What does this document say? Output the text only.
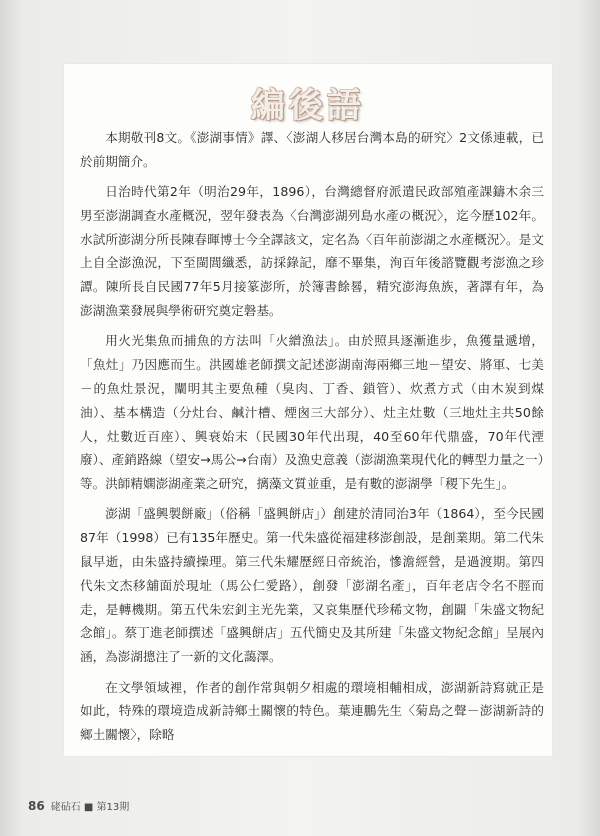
編後語

本期敬刊8文。《澎湖事情》譯、〈澎湖人移居台灣本島的研究〉2文係連載，已於前期簡介。

日治時代第2年（明治29年，1896），台灣總督府派遣民政部殖產課鑄木余三男至澎湖調查水產概況，翌年發表為〈台灣澎湖列島水產の概況〉，迄今歷102年。水試所澎湖分所長陳春暉博士今全譯該文，定名為〈百年前澎湖之水產概況〉。是文上自全澎漁況，下至閩閭纖悉，訪採錄記，靡不畢集，洵百年後諮覽觀考澎漁之珍譚。陳所長自民國77年5月接篆澎所，於簿書餘晷，精究澎海魚族，著譯有年，為澎湖漁業發展與學術研究奠定磐基。

用火光集魚而捕魚的方法叫「火繒漁法」。由於照具逐漸進步，魚獲量遞增，「魚灶」乃因應而生。洪國雄老師撰文記述澎湖南海兩鄉三地－望安、將軍、七美－的魚灶景況，闡明其主要魚種（臭肉、丁香、鎖管）、炊煮方式（由木炭到煤油）、基本構造（分灶台、鹹汁槽、煙囪三大部分）、灶主灶數（三地灶主共50餘人，灶數近百座）、興衰始末（民國30年代出現，40至60年代鼎盛，70年代湮廢）、產銷路線（望安→馬公→台南）及漁史意義（澎湖漁業現代化的轉型力量之一）等。洪師精嫻澎湖產業之研究，摛藻文質並重，是有數的澎湖學「稷下先生」。

澎湖「盛興製餅廠」（俗稱「盛興餅店」）創建於清同治3年（1864），至今民國87年（1998）已有135年歷史。第一代朱盛從福建移澎創設，是創業期。第二代朱鼠早逝，由朱盛持續操理。第三代朱耀歷經日帝統治，慘澹經營，是過渡期。第四代朱文杰移舖面於現址（馬公仁愛路），創發「澎湖名產」，百年老店令名不脛而走，是轉機期。第五代朱宏釗主光先業，又哀集歷代珍稀文物，創闢「朱盛文物紀念館」。蔡丁進老師撰述「盛興餅店」五代簡史及其所建「朱盛文物紀念館」呈展內涵，為澎湖摠注了一新的文化藹澤。

在文學領域裡，作者的創作常與朝夕相處的環境相輔相成，澎湖新詩寫就正是如此，特殊的環境造成新詩鄉土關懷的特色。葉連鵬先生〈菊島之聲－澎湖新詩的鄉土關懷〉，除略

86 硓砧石 ■ 第13期
